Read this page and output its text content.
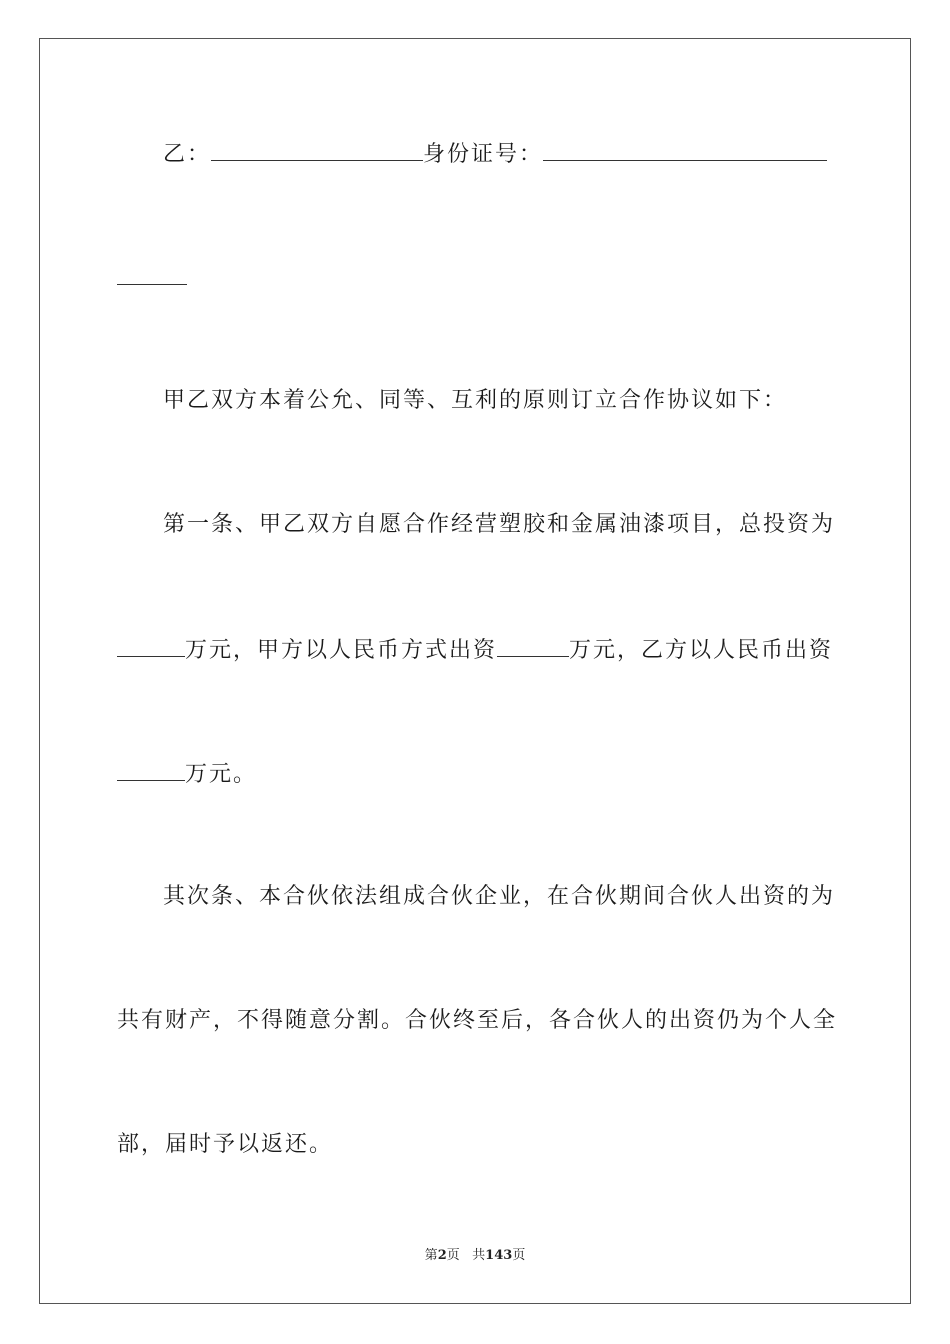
乙：	身份证号：
甲乙双方本着公允、同等、互利的原则订立合作协议如下：
第一条、甲乙双方自愿合作经营塑胶和金属油漆项目，总投资为
万元，甲方以人民币方式出资	万元，乙方以人民币出资
万元。
其次条、本合伙依法组成合伙企业，在合伙期间合伙人出资的为
共有财产，不得随意分割。合伙终至后，各合伙人的出资仍为个人全
部，届时予以返还。
第2页 共143页
